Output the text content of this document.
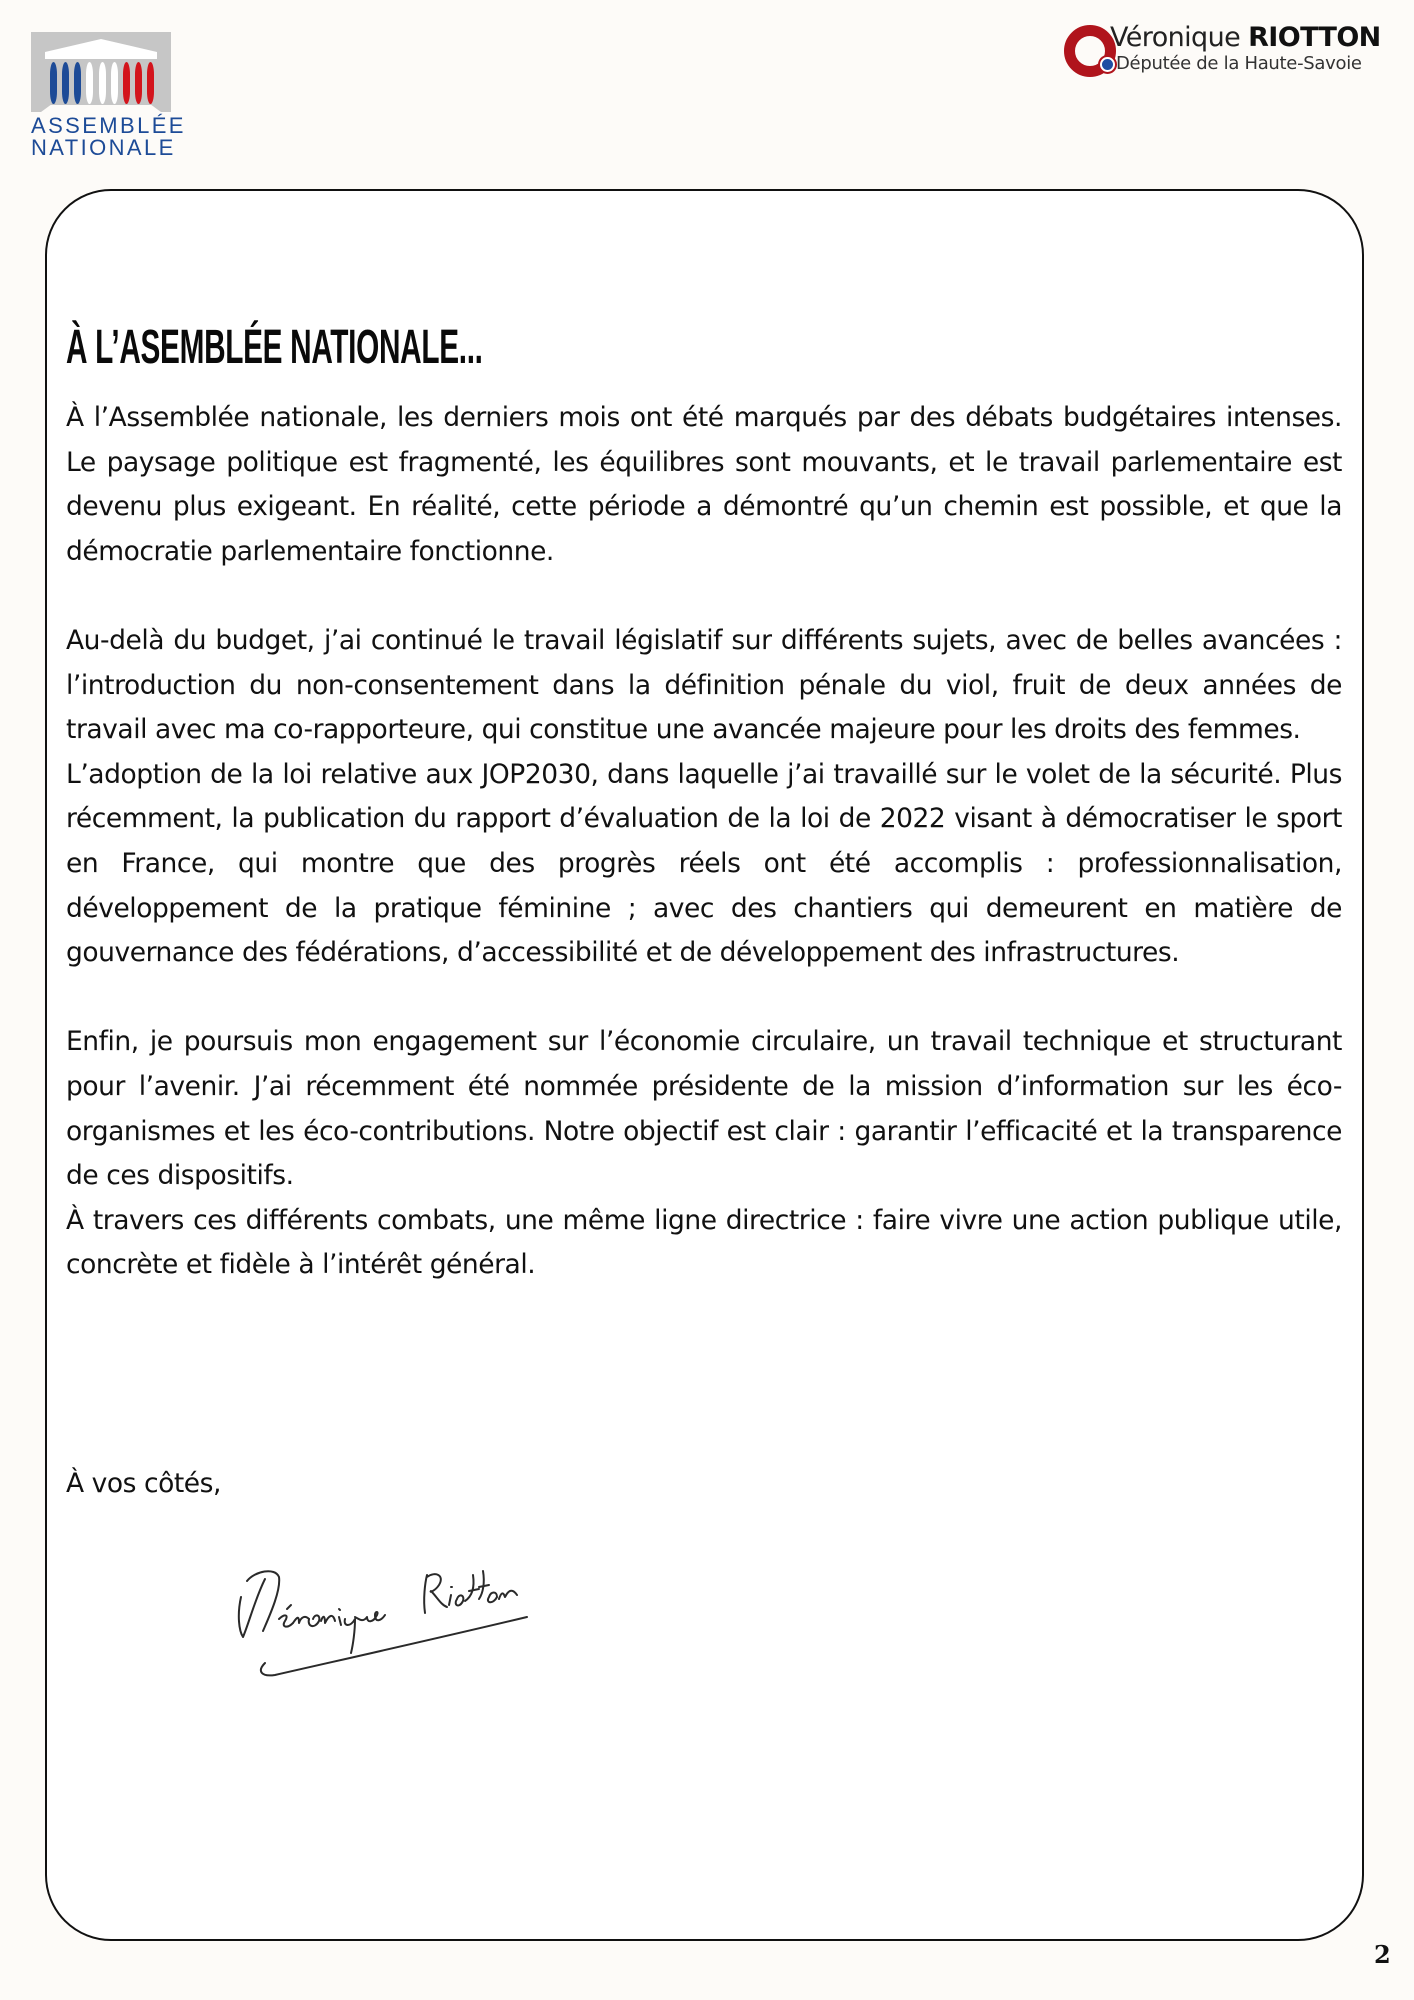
ASSEMBLÉE
NATIONALE
Véronique RIOTTON
Députée de la Haute-Savoie
À L’ASEMBLÉE NATIONALE...

À l’Assemblée nationale, les derniers mois ont été marqués par des débats budgétaires intenses. Le paysage politique est fragmenté, les équilibres sont mouvants, et le travail parlementaire est devenu plus exigeant. En réalité, cette période a démontré qu’un chemin est possible, et que la démocratie parlementaire fonctionne.

Au-delà du budget, j’ai continué le travail législatif sur différents sujets, avec de belles avancées : l’introduction du non-consentement dans la définition pénale du viol, fruit de deux années de travail avec ma co-rapporteure, qui constitue une avancée majeure pour les droits des femmes.

L’adoption de la loi relative aux JOP2030, dans laquelle j’ai travaillé sur le volet de la sécurité. Plus récemment, la publication du rapport d’évaluation de la loi de 2022 visant à démocratiser le sport en France, qui montre que des progrès réels ont été accomplis : professionnalisation, développement de la pratique féminine ; avec des chantiers qui demeurent en matière de gouvernance des fédérations, d’accessibilité et de développement des infrastructures.

Enfin, je poursuis mon engagement sur l’économie circulaire, un travail technique et structurant pour l’avenir. J’ai récemment été nommée présidente de la mission d’information sur les éco-organismes et les éco-contributions. Notre objectif est clair : garantir l’efficacité et la transparence de ces dispositifs.

À travers ces différents combats, une même ligne directrice : faire vivre une action publique utile, concrète et fidèle à l’intérêt général.

À vos côtés,
2
